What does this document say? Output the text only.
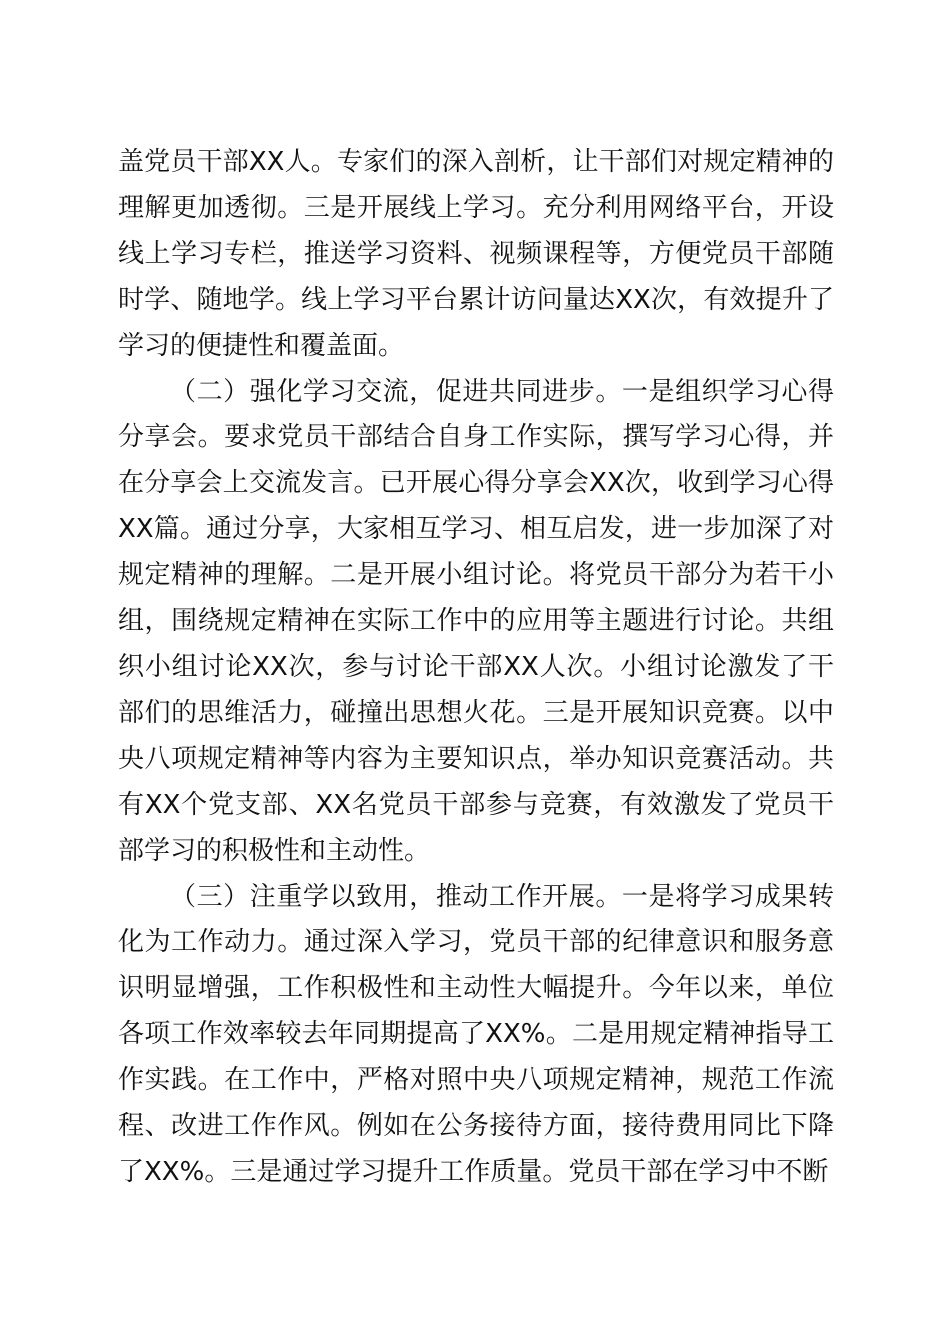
盖党员干部XX人。专家们的深入剖析，让干部们对规定精神的理解更加透彻。三是开展线上学习。充分利用网络平台，开设线上学习专栏，推送学习资料、视频课程等，方便党员干部随时学、随地学。线上学习平台累计访问量达XX次，有效提升了学习的便捷性和覆盖面。

（二）强化学习交流，促进共同进步。一是组织学习心得分享会。要求党员干部结合自身工作实际，撰写学习心得，并在分享会上交流发言。已开展心得分享会XX次，收到学习心得XX篇。通过分享，大家相互学习、相互启发，进一步加深了对规定精神的理解。二是开展小组讨论。将党员干部分为若干小组，围绕规定精神在实际工作中的应用等主题进行讨论。共组织小组讨论XX次，参与讨论干部XX人次。小组讨论激发了干部们的思维活力，碰撞出思想火花。三是开展知识竞赛。以中央八项规定精神等内容为主要知识点，举办知识竞赛活动。共有XX个党支部、XX名党员干部参与竞赛，有效激发了党员干部学习的积极性和主动性。

（三）注重学以致用，推动工作开展。一是将学习成果转化为工作动力。通过深入学习，党员干部的纪律意识和服务意识明显增强，工作积极性和主动性大幅提升。今年以来，单位各项工作效率较去年同期提高了XX%。二是用规定精神指导工作实践。在工作中，严格对照中央八项规定精神，规范工作流程、改进工作作风。例如在公务接待方面，接待费用同比下降了XX%。三是通过学习提升工作质量。党员干部在学习中不断
